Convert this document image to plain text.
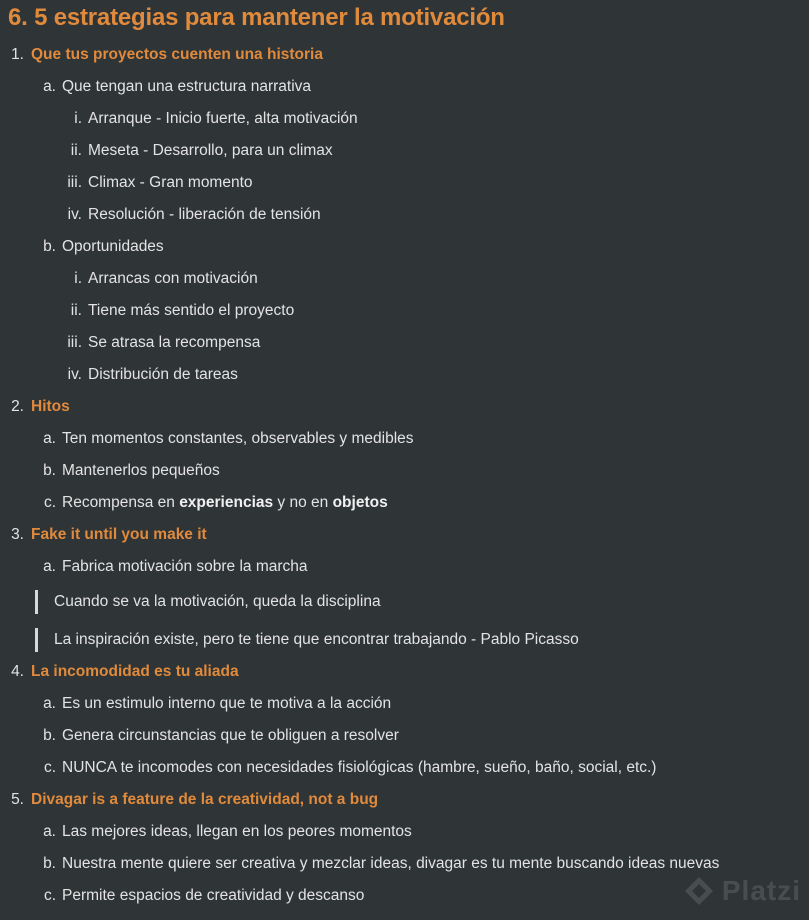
6. 5 estrategias para mantener la motivación
1. Que tus proyectos cuenten una historia
a. Que tengan una estructura narrativa
i. Arranque - Inicio fuerte, alta motivación
ii. Meseta - Desarrollo, para un climax
iii. Climax - Gran momento
iv. Resolución - liberación de tensión
b. Oportunidades
i. Arrancas con motivación
ii. Tiene más sentido el proyecto
iii. Se atrasa la recompensa
iv. Distribución de tareas
2. Hitos
a. Ten momentos constantes, observables y medibles
b. Mantenerlos pequeños
c. Recompensa en experiencias y no en objetos
3. Fake it until you make it
a. Fabrica motivación sobre la marcha
Cuando se va la motivación, queda la disciplina
La inspiración existe, pero te tiene que encontrar trabajando - Pablo Picasso
4. La incomodidad es tu aliada
a. Es un estimulo interno que te motiva a la acción
b. Genera circunstancias que te obliguen a resolver
c. NUNCA te incomodes con necesidades fisiológicas (hambre, sueño, baño, social, etc.)
5. Divagar is a feature de la creatividad, not a bug
a. Las mejores ideas, llegan en los peores momentos
b. Nuestra mente quiere ser creativa y mezclar ideas, divagar es tu mente buscando ideas nuevas
c. Permite espacios de creatividad y descanso	Platzi
